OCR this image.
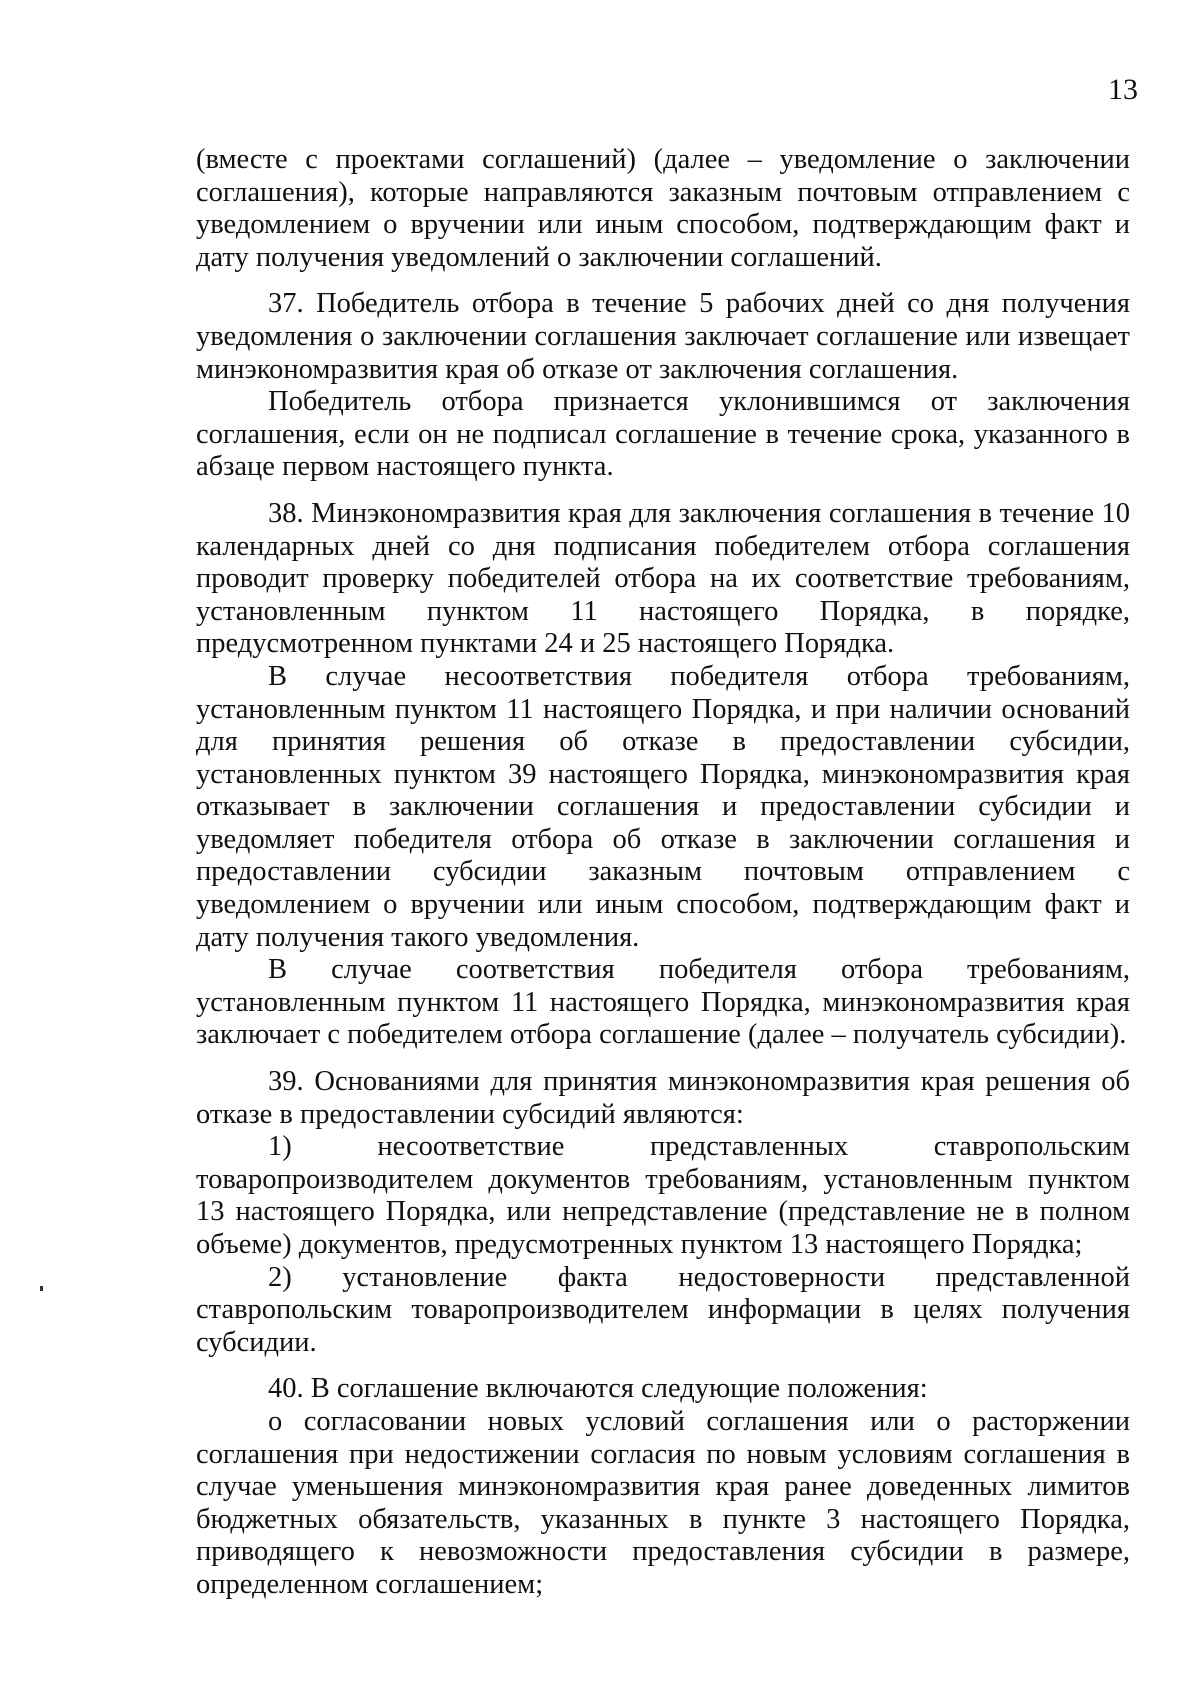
13

(вместе с проектами соглашений) (далее – уведомление о заключении соглашения), которые направляются заказным почтовым отправлением с уведомлением о вручении или иным способом, подтверждающим факт и дату получения уведомлений о заключении соглашений.

37. Победитель отбора в течение 5 рабочих дней со дня получения уведомления о заключении соглашения заключает соглашение или извещает минэкономразвития края об отказе от заключения соглашения.

Победитель отбора признается уклонившимся от заключения соглашения, если он не подписал соглашение в течение срока, указанного в абзаце первом настоящего пункта.

38. Минэкономразвития края для заключения соглашения в течение 10 календарных дней со дня подписания победителем отбора соглашения проводит проверку победителей отбора на их соответствие требованиям, установленным пунктом 11 настоящего Порядка, в порядке, предусмотренном пунктами 24 и 25 настоящего Порядка.

В случае несоответствия победителя отбора требованиям, установленным пунктом 11 настоящего Порядка, и при наличии оснований для принятия решения об отказе в предоставлении субсидии, установленных пунктом 39 настоящего Порядка, минэкономразвития края отказывает в заключении соглашения и предоставлении субсидии и уведомляет победителя отбора об отказе в заключении соглашения и предоставлении субсидии заказным почтовым отправлением с уведомлением о вручении или иным способом, подтверждающим факт и дату получения такого уведомления.

В случае соответствия победителя отбора требованиям, установленным пунктом 11 настоящего Порядка, минэкономразвития края заключает с победителем отбора соглашение (далее – получатель субсидии).

39. Основаниями для принятия минэкономразвития края решения об отказе в предоставлении субсидий являются:

1) несоответствие представленных ставропольским товаропроизводителем документов требованиям, установленным пунктом 13 настоящего Порядка, или непредставление (представление не в полном объеме) документов, предусмотренных пунктом 13 настоящего Порядка;

2) установление факта недостоверности представленной ставропольским товаропроизводителем информации в целях получения субсидии.

40. В соглашение включаются следующие положения:

о согласовании новых условий соглашения или о расторжении соглашения при недостижении согласия по новым условиям соглашения в случае уменьшения минэкономразвития края ранее доведенных лимитов бюджетных обязательств, указанных в пункте 3 настоящего Порядка, приводящего к невозможности предоставления субсидии в размере, определенном соглашением;
